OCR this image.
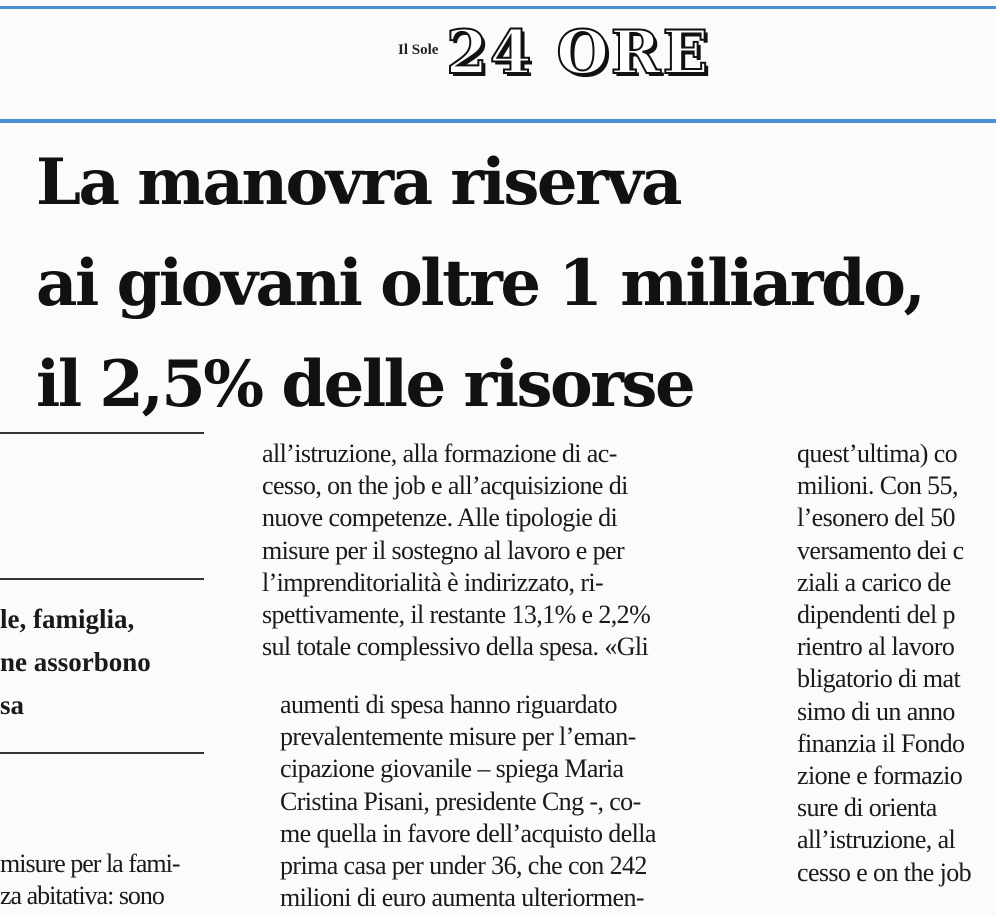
Il Sole 24 ORE
La manovra riserva
ai giovani oltre 1 miliardo,
il 2,5% delle risorse
le, famiglia,
ne assorbono
sa
misure per la fami-
za abitativa: sono
all’istruzione, alla formazione di ac-
cesso, on the job e all’acquisizione di
nuove competenze. Alle tipologie di
misure per il sostegno al lavoro e per
l’imprenditorialità è indirizzato, ri-
spettivamente, il restante 13,1% e 2,2%
sul totale complessivo della spesa. «Gli
aumenti di spesa hanno riguardato
prevalentemente misure per l’eman-
cipazione giovanile – spiega Maria
Cristina Pisani, presidente Cng -, co-
me quella in favore dell’acquisto della
prima casa per under 36, che con 242
milioni di euro aumenta ulteriormen-
quest’ultima) co
milioni. Con 55,
l’esonero del 50
versamento dei c
ziali a carico de
dipendenti del p
rientro al lavoro
bligatorio di mat
simo di un anno
finanzia il Fondo
zione e formazio
sure di orienta
all’istruzione, al
cesso e on the job
